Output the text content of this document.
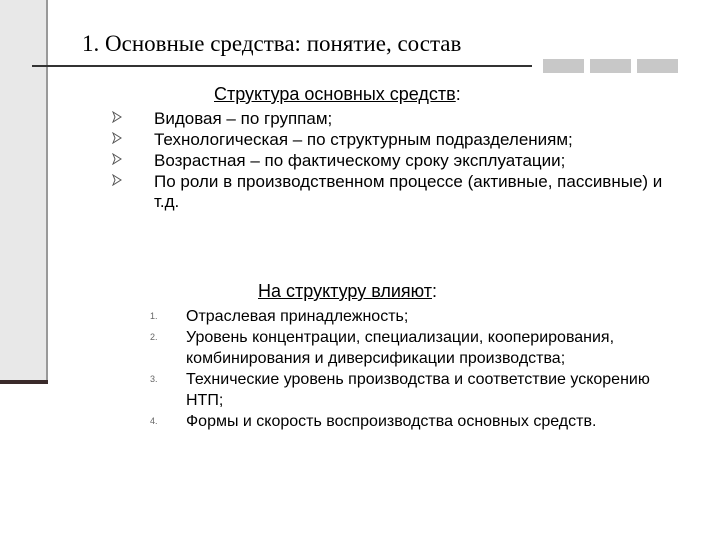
1. Основные средства: понятие, состав
Структура основных средств:
Видовая – по группам;
Технологическая – по структурным подразделениям;
Возрастная – по фактическому сроку эксплуатации;
По роли в производственном процессе (активные, пассивные) и т.д.
На структуру влияют:
1. Отраслевая принадлежность;
2. Уровень концентрации, специализации, кооперирования, комбинирования и диверсификации производства;
3. Технические уровень производства и соответствие ускорению НТП;
4. Формы и скорость воспроизводства основных средств.
